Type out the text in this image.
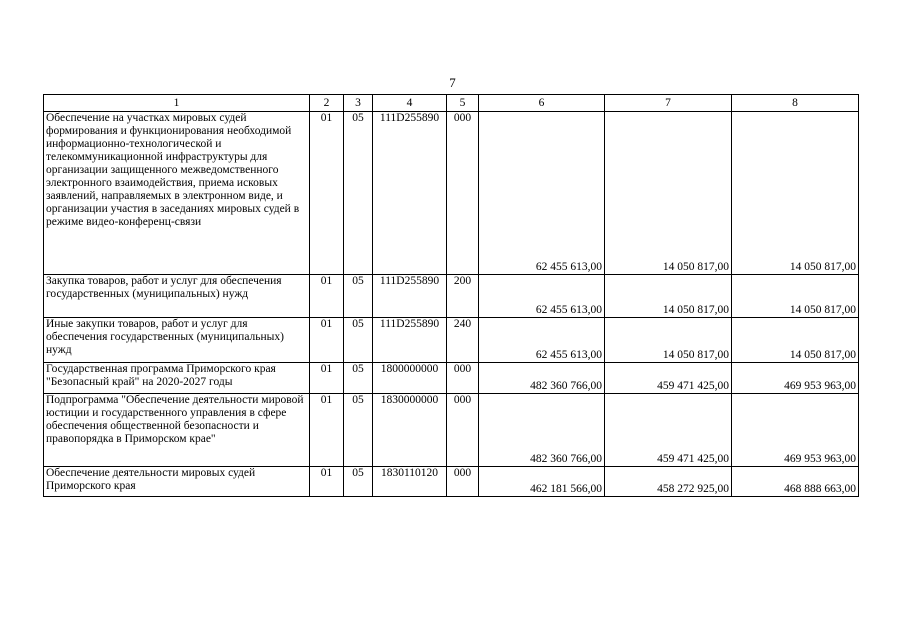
7
1	2	3	4	5	6	7	8
Обеспечение на участках мировых судей формирования и функционирования необходимой информационно-технологической и телекоммуникационной инфраструктуры для организации защищенного межведомственного электронного взаимодействия, приема исковых заявлений, направляемых в электронном виде, и организации участия в заседаниях мировых судей в режиме видео-конференц-связи	01	05	111D255890	000	62 455 613,00	14 050 817,00	14 050 817,00
Закупка товаров, работ и услуг для обеспечения государственных (муниципальных) нужд	01	05	111D255890	200	62 455 613,00	14 050 817,00	14 050 817,00
Иные закупки товаров, работ и услуг для обеспечения государственных (муниципальных) нужд	01	05	111D255890	240	62 455 613,00	14 050 817,00	14 050 817,00
Государственная программа Приморского края "Безопасный край" на 2020-2027 годы	01	05	1800000000	000	482 360 766,00	459 471 425,00	469 953 963,00
Подпрограмма "Обеспечение деятельности мировой юстиции и государственного управления в сфере обеспечения общественной безопасности и правопорядка в Приморском крае"	01	05	1830000000	000	482 360 766,00	459 471 425,00	469 953 963,00
Обеспечение деятельности мировых судей Приморского края	01	05	1830110120	000	462 181 566,00	458 272 925,00	468 888 663,00
